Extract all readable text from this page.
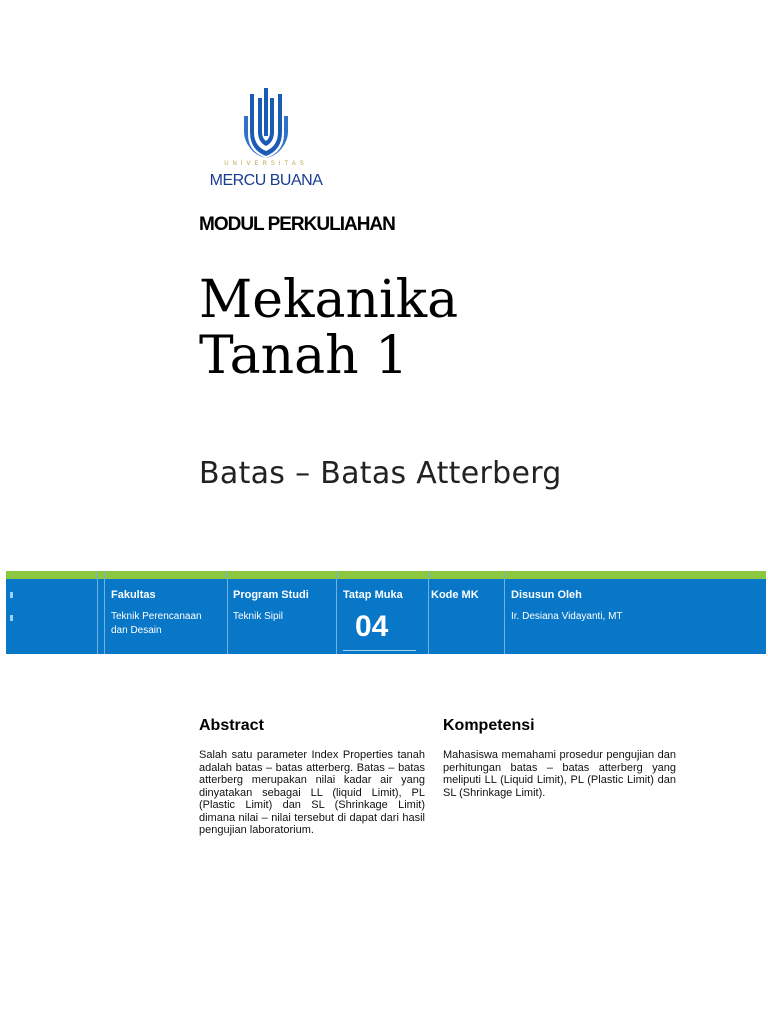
UNIVERSITAS
MERCU BUANA
MODUL PERKULIAHAN
Mekanika
Tanah 1
Batas – Batas Atterberg
Fakultas
Teknik Perencanaan dan Desain
Program Studi
Teknik Sipil
Tatap Muka
04
Kode MK	Disusun Oleh
Ir. Desiana Vidayanti, MT
Abstract

Salah satu parameter Index Properties tanah adalah batas – batas atterberg. Batas – batas atterberg merupakan nilai kadar air yang dinyatakan sebagai LL (liquid Limit), PL (Plastic Limit) dan SL (Shrinkage Limit) dimana nilai – nilai tersebut di dapat dari hasil pengujian laboratorium.

Kompetensi

Mahasiswa memahami prosedur pengujian dan perhitungan batas – batas atterberg yang meliputi LL (Liquid Limit), PL (Plastic Limit) dan SL (Shrinkage Limit).
